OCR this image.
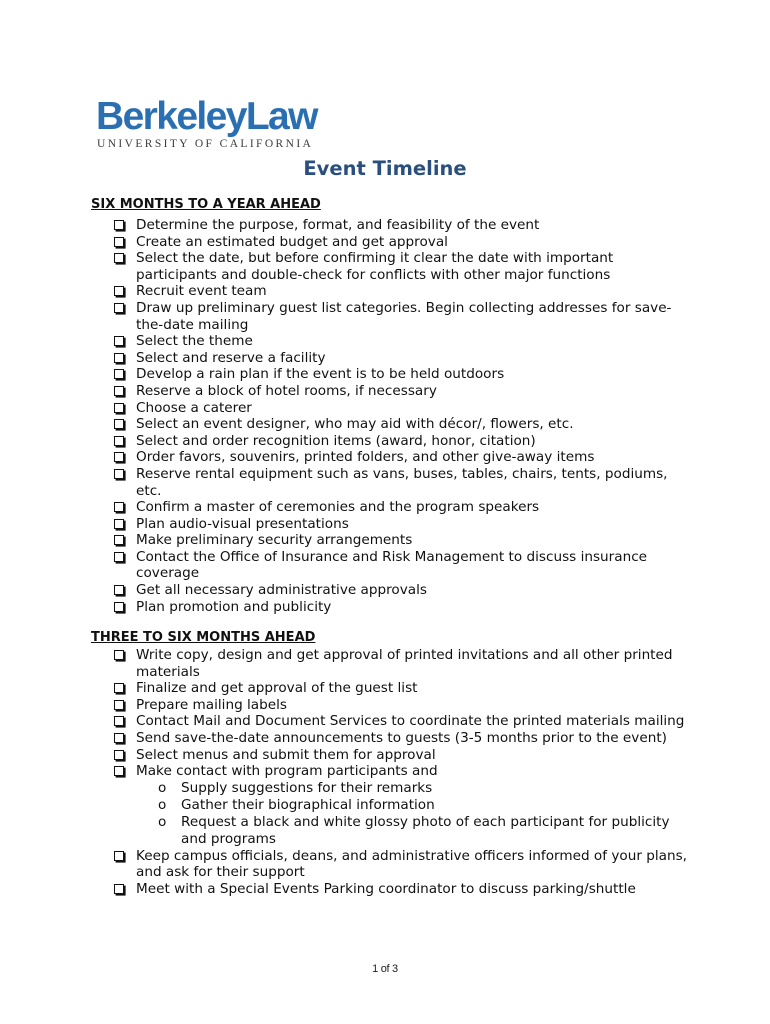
BerkeleyLaw
UNIVERSITY OF CALIFORNIA
Event Timeline
SIX MONTHS TO A YEAR AHEAD
Determine the purpose, format, and feasibility of the event
Create an estimated budget and get approval
Select the date, but before confirming it clear the date with important participants and double-check for conflicts with other major functions
Recruit event team
Draw up preliminary guest list categories. Begin collecting addresses for save-the-date mailing
Select the theme
Select and reserve a facility
Develop a rain plan if the event is to be held outdoors
Reserve a block of hotel rooms, if necessary
Choose a caterer
Select an event designer, who may aid with décor/, flowers, etc.
Select and order recognition items (award, honor, citation)
Order favors, souvenirs, printed folders, and other give-away items
Reserve rental equipment such as vans, buses, tables, chairs, tents, podiums, etc.
Confirm a master of ceremonies and the program speakers
Plan audio-visual presentations
Make preliminary security arrangements
Contact the Office of Insurance and Risk Management to discuss insurance coverage
Get all necessary administrative approvals
Plan promotion and publicity
THREE TO SIX MONTHS AHEAD
Write copy, design and get approval of printed invitations and all other printed materials
Finalize and get approval of the guest list
Prepare mailing labels
Contact Mail and Document Services to coordinate the printed materials mailing
Send save-the-date announcements to guests (3-5 months prior to the event)
Select menus and submit them for approval
Make contact with program participants and
o Supply suggestions for their remarks
o Gather their biographical information
o Request a black and white glossy photo of each participant for publicity and programs
Keep campus officials, deans, and administrative officers informed of your plans, and ask for their support
Meet with a Special Events Parking coordinator to discuss parking/shuttle
1 of 3
